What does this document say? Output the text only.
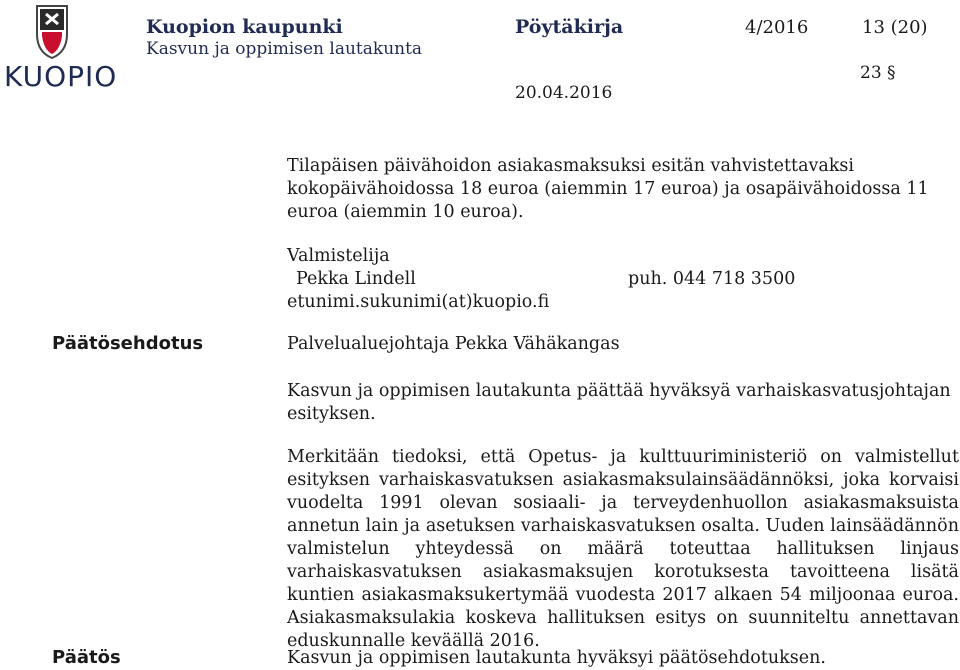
KUOPIO
Kuopion kaupunki
Kasvun ja oppimisen lautakunta
Pöytäkirja	4/2016	13 (20)
23 §
20.04.2016
Tilapäisen päivähoidon asiakasmaksuksi esitän vahvistettavaksi kokopäivähoidossa 18 euroa (aiemmin 17 euroa) ja osapäivähoidossa 11 euroa (aiemmin 10 euroa).
Valmistelija
Pekka Lindell	puh. 044 718 3500
etunimi.sukunimi(at)kuopio.fi
Päätösehdotus	Palvelualuejohtaja Pekka Vähäkangas
Kasvun ja oppimisen lautakunta päättää hyväksyä varhaiskasvatusjohtajan esityksen.
Merkitään tiedoksi, että Opetus- ja kulttuuriministeriö on valmistellut esityksen varhaiskasvatuksen asiakasmaksulainsäädännöksi, joka korvaisi vuodelta 1991 olevan sosiaali- ja terveydenhuollon asiakasmaksuista annetun lain ja asetuksen varhaiskasvatuksen osalta. Uuden lainsäädännön valmistelun yhteydessä on määrä toteuttaa hallituksen linjaus varhaiskasvatuksen asiakasmaksujen korotuksesta tavoitteena lisätä kuntien asiakasmaksukertymää vuodesta 2017 alkaen 54 miljoonaa euroa. Asiakasmaksulakia koskeva hallituksen esitys on suunniteltu annettavan eduskunnalle keväällä 2016.
Päätös	Kasvun ja oppimisen lautakunta hyväksyi päätösehdotuksen.
